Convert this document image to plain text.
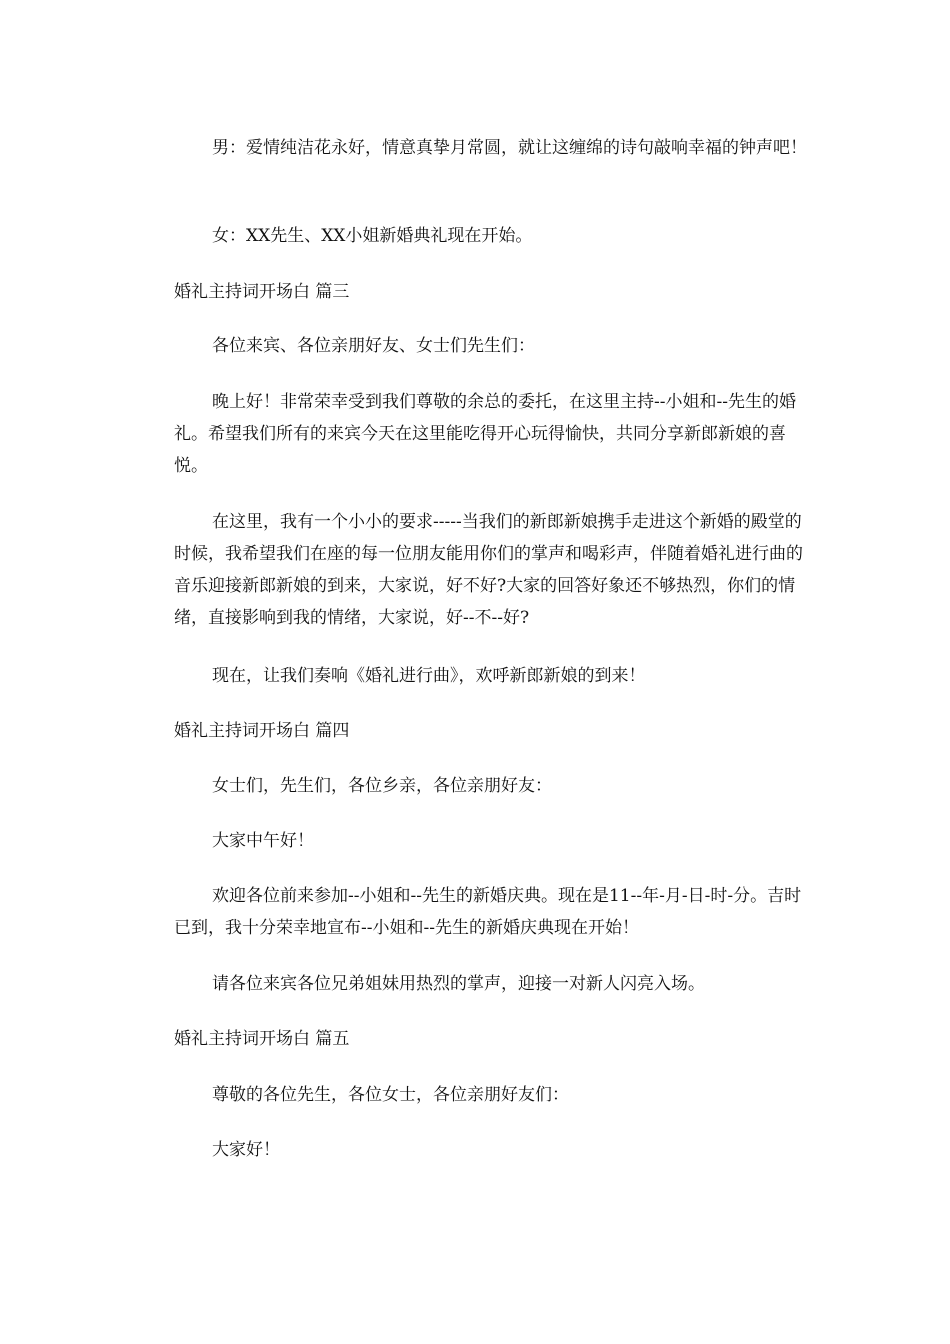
男：爱情纯洁花永好，情意真挚月常圆，就让这缠绵的诗句敲响幸福的钟声吧！

女：XX先生、XX小姐新婚典礼现在开始。

婚礼主持词开场白 篇三

各位来宾、各位亲朋好友、女士们先生们：

晚上好！非常荣幸受到我们尊敬的余总的委托，在这里主持--小姐和--先生的婚礼。希望我们所有的来宾今天在这里能吃得开心玩得愉快，共同分享新郎新娘的喜悦。

在这里，我有一个小小的要求-----当我们的新郎新娘携手走进这个新婚的殿堂的时候，我希望我们在座的每一位朋友能用你们的掌声和喝彩声，伴随着婚礼进行曲的音乐迎接新郎新娘的到来，大家说，好不好?大家的回答好象还不够热烈，你们的情绪，直接影响到我的情绪，大家说，好--不--好?

现在，让我们奏响《婚礼进行曲》，欢呼新郎新娘的到来！

婚礼主持词开场白 篇四

女士们，先生们，各位乡亲，各位亲朋好友：

大家中午好！

欢迎各位前来参加--小姐和--先生的新婚庆典。现在是11--年-月-日-时-分。吉时已到，我十分荣幸地宣布--小姐和--先生的新婚庆典现在开始！

请各位来宾各位兄弟姐妹用热烈的掌声，迎接一对新人闪亮入场。

婚礼主持词开场白 篇五

尊敬的各位先生，各位女士，各位亲朋好友们：

大家好！
